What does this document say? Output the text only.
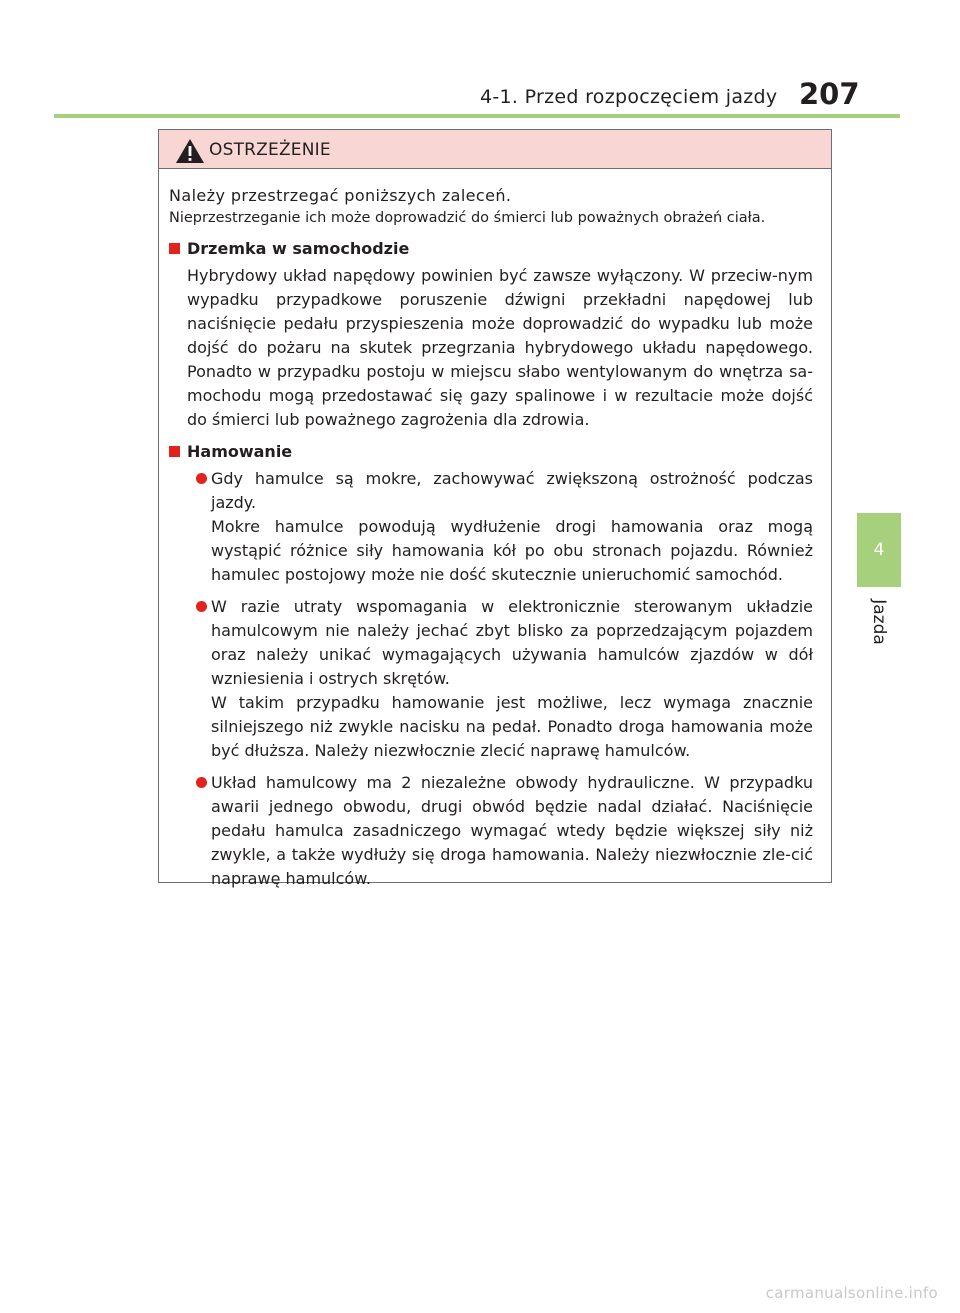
4-1. Przed rozpoczęciem jazdy 207
4
Jazda
OSTRZEŻENIE

Należy przestrzegać poniższych zaleceń.

Nieprzestrzeganie ich może doprowadzić do śmierci lub poważnych obrażeń ciała.

Drzemka w samochodzie

Hybrydowy układ napędowy powinien być zawsze wyłączony. W przeciw-nym wypadku przypadkowe poruszenie dźwigni przekładni napędowej lub naciśnięcie pedału przyspieszenia może doprowadzić do wypadku lub może dojść do pożaru na skutek przegrzania hybrydowego układu napędowego. Ponadto w przypadku postoju w miejscu słabo wentylowanym do wnętrza sa-mochodu mogą przedostawać się gazy spalinowe i w rezultacie może dojść do śmierci lub poważnego zagrożenia dla zdrowia.

Hamowanie

Gdy hamulce są mokre, zachowywać zwiększoną ostrożność podczas jazdy.

Mokre hamulce powodują wydłużenie drogi hamowania oraz mogą wystąpić różnice siły hamowania kół po obu stronach pojazdu. Również hamulec postojowy może nie dość skutecznie unieruchomić samochód.

W razie utraty wspomagania w elektronicznie sterowanym układzie hamulcowym nie należy jechać zbyt blisko za poprzedzającym pojazdem oraz należy unikać wymagających używania hamulców zjazdów w dół wzniesienia i ostrych skrętów.

W takim przypadku hamowanie jest możliwe, lecz wymaga znacznie silniejszego niż zwykle nacisku na pedał. Ponadto droga hamowania może być dłuższa. Należy niezwłocznie zlecić naprawę hamulców.

Układ hamulcowy ma 2 niezależne obwody hydrauliczne. W przypadku awarii jednego obwodu, drugi obwód będzie nadal działać. Naciśnięcie pedału hamulca zasadniczego wymagać wtedy będzie większej siły niż zwykle, a także wydłuży się droga hamowania. Należy niezwłocznie zle-cić naprawę hamulców.

carmanualsonline.info
